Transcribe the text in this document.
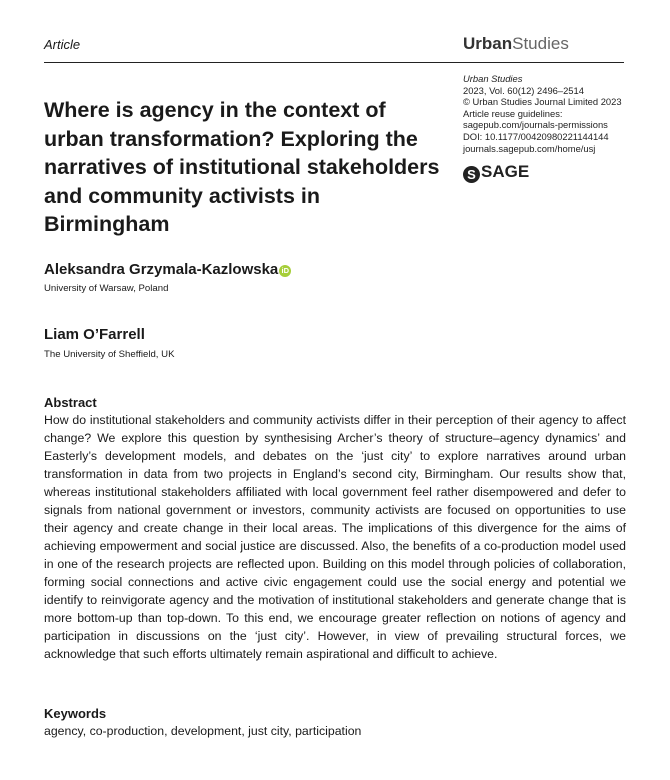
Article	UrbanStudies
Urban Studies
2023, Vol. 60(12) 2496–2514
© Urban Studies Journal Limited 2023
Article reuse guidelines:
sagepub.com/journals-permissions
DOI: 10.1177/00420980221144144
journals.sagepub.com/home/usj
S SAGE
Where is agency in the context of urban transformation? Exploring the narratives of institutional stakeholders and community activists in Birmingham
Aleksandra Grzymala-Kazlowska iD
University of Warsaw, Poland
Liam O’Farrell
The University of Sheffield, UK
Abstract
How do institutional stakeholders and community activists differ in their perception of their agency to affect change? We explore this question by synthesising Archer’s theory of structure–agency dynamics’ and Easterly’s development models, and debates on the ‘just city’ to explore narratives around urban transformation in data from two projects in England’s second city, Birmingham. Our results show that, whereas institutional stakeholders affiliated with local government feel rather disempowered and defer to signals from national government or investors, community activists are focused on opportunities to use their agency and create change in their local areas. The implications of this divergence for the aims of achieving empowerment and social justice are discussed. Also, the benefits of a co-production model used in one of the research projects are reflected upon. Building on this model through policies of collaboration, forming social connections and active civic engagement could use the social energy and potential we identify to reinvigorate agency and the motivation of institutional stakeholders and generate change that is more bottom-up than top-down. To this end, we encourage greater reflection on notions of agency and participation in discussions on the ‘just city’. However, in view of prevailing structural forces, we acknowledge that such efforts ultimately remain aspirational and difficult to achieve.
Keywords
agency, co-production, development, just city, participation
